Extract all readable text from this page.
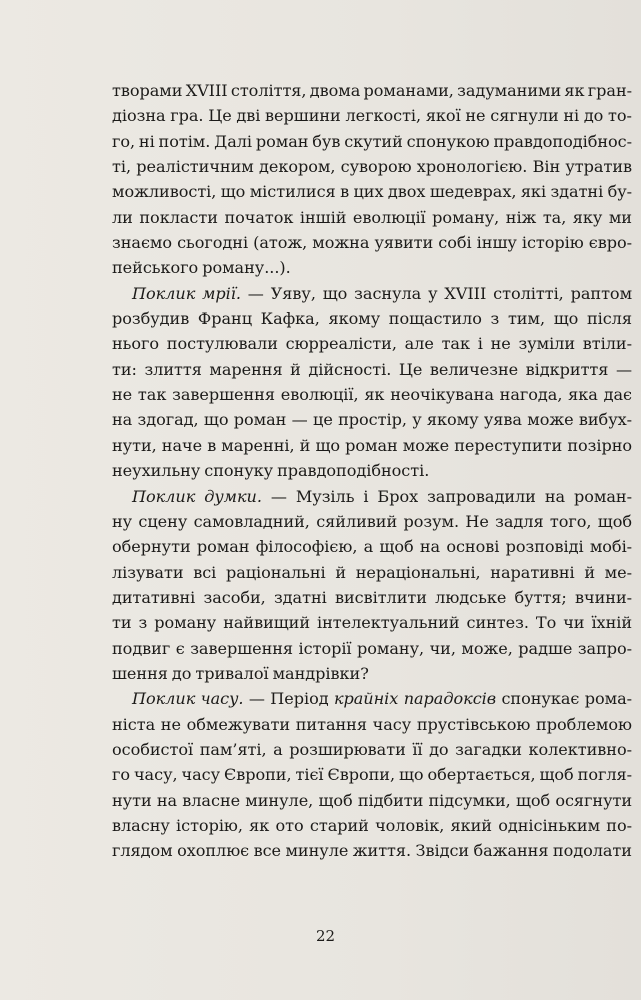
творами XVIII століття, двома романами, задуманими як гран-
діозна гра. Це дві вершини легкості, якої не сягнули ні до то-
го, ні потім. Далі роман був скутий спонукою правдоподібнос-
ті, реалістичним декором, суворою хронологією. Він утратив
можливості, що містилися в цих двох шедеврах, які здатні бу-
ли покласти початок іншій еволюції роману, ніж та, яку ми
знаємо сьогодні (атож, можна уявити собі іншу історію євро-
пейського роману...).
Поклик мрії. — Уяву, що заснула у XVIII столітті, раптом
розбудив Франц Кафка, якому пощастило з тим, що після
нього постулювали сюрреалісти, але так і не зуміли втіли-
ти: злиття марення й дійсності. Це величезне відкриття —
не так завершення еволюції, як неочікувана нагода, яка дає
на здогад, що роман — це простір, у якому уява може вибух-
нути, наче в маренні, й що роман може переступити позірно
неухильну спонуку правдоподібності.
Поклик думки. — Музіль і Брох запровадили на роман-
ну сцену самовладний, сяйливий розум. Не задля того, щоб
обернути роман філософією, а щоб на основі розповіді мобі-
лізувати всі раціональні й нераціональні, наративні й ме-
дитативні засоби, здатні висвітлити людське буття; вчини-
ти з роману найвищий інтелектуальний синтез. То чи їхній
подвиг є завершення історії роману, чи, може, радше запро-
шення до тривалої мандрівки?
Поклик часу. — Період крайніх парадоксів спонукає рома-
ніста не обмежувати питання часу прустівською проблемою
особистої пам’яті, а розширювати її до загадки колективно-
го часу, часу Європи, тієї Європи, що обертається, щоб погля-
нути на власне минуле, щоб підбити підсумки, щоб осягнути
власну історію, як ото старий чоловік, який однісіньким по-
глядом охоплює все минуле життя. Звідси бажання подолати
22
